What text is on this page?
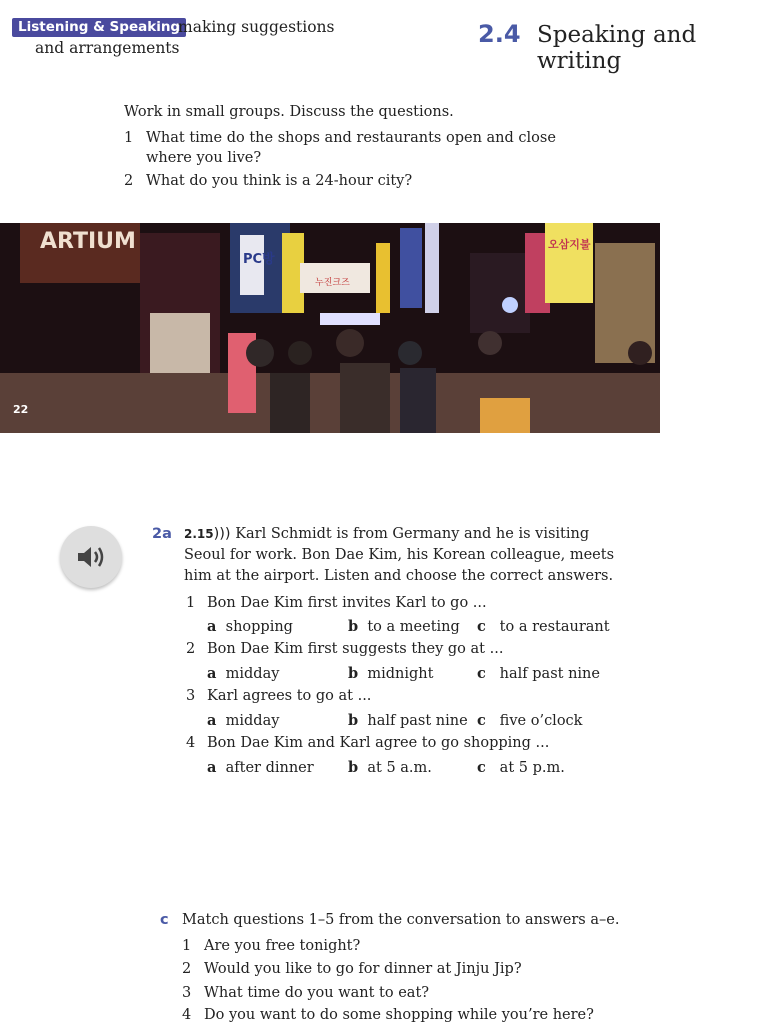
Listening & Speaking
making suggestions
and arrangements	2.4 Speaking and writing
Work in small groups. Discuss the questions.
1 What time do the shops and restaurants open and close
where you live?
2 What do you think is a 24-hour city?
ARTIUM
PC방
오삼지불
누진크즈
22
2a 2.15))) Karl Schmidt is from Germany and he is visiting
Seoul for work. Bon Dae Kim, his Korean colleague, meets
him at the airport. Listen and choose the correct answers.
1 Bon Dae Kim first invites Karl to go ...
a shopping	b to a meeting c to a restaurant
2 Bon Dae Kim first suggests they go at ...
a midday	b midnight	c half past nine
3 Karl agrees to go at ...
a midday	b half past nine c five o’clock
4 Bon Dae Kim and Karl agree to go shopping ...
a after dinner b at 5 a.m.	c at 5 p.m.
c Match questions 1–5 from the conversation to answers a–e.
1 Are you free tonight?
2 Would you like to go for dinner at Jinju Jip?
3 What time do you want to eat?
4 Do you want to do some shopping while you’re here?
